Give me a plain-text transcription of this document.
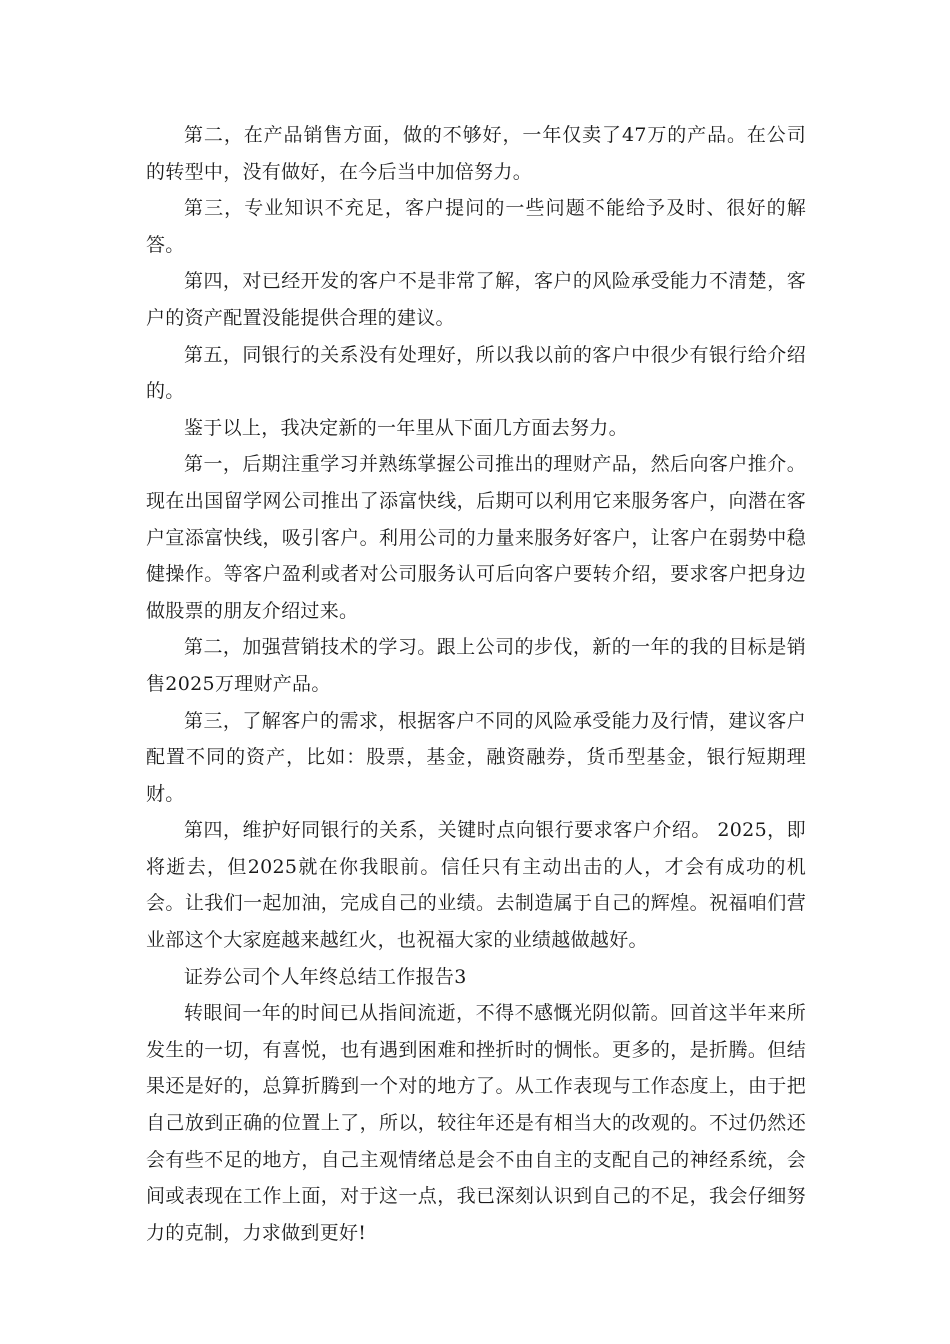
第二，在产品销售方面，做的不够好，一年仅卖了47万的产品。在公司的转型中，没有做好，在今后当中加倍努力。

第三，专业知识不充足，客户提问的一些问题不能给予及时、很好的解答。

第四，对已经开发的客户不是非常了解，客户的风险承受能力不清楚，客户的资产配置没能提供合理的建议。

第五，同银行的关系没有处理好，所以我以前的客户中很少有银行给介绍的。

鉴于以上，我决定新的一年里从下面几方面去努力。

第一，后期注重学习并熟练掌握公司推出的理财产品，然后向客户推介。现在出国留学网公司推出了添富快线，后期可以利用它来服务客户，向潜在客户宣添富快线，吸引客户。利用公司的力量来服务好客户，让客户在弱势中稳健操作。等客户盈利或者对公司服务认可后向客户要转介绍，要求客户把身边做股票的朋友介绍过来。

第二，加强营销技术的学习。跟上公司的步伐，新的一年的我的目标是销售2025万理财产品。

第三，了解客户的需求，根据客户不同的风险承受能力及行情，建议客户配置不同的资产，比如：股票，基金，融资融券，货币型基金，银行短期理财。

第四，维护好同银行的关系，关键时点向银行要求客户介绍。 2025，即将逝去，但2025就在你我眼前。信任只有主动出击的人，才会有成功的机会。让我们一起加油，完成自己的业绩。去制造属于自己的辉煌。祝福咱们营业部这个大家庭越来越红火，也祝福大家的业绩越做越好。

证券公司个人年终总结工作报告3

转眼间一年的时间已从指间流逝，不得不感慨光阴似箭。回首这半年来所发生的一切，有喜悦，也有遇到困难和挫折时的惆怅。更多的，是折腾。但结果还是好的，总算折腾到一个对的地方了。从工作表现与工作态度上，由于把自己放到正确的位置上了，所以，较往年还是有相当大的改观的。不过仍然还会有些不足的地方，自己主观情绪总是会不由自主的支配自己的神经系统，会间或表现在工作上面，对于这一点，我已深刻认识到自己的不足，我会仔细努力的克制，力求做到更好!
